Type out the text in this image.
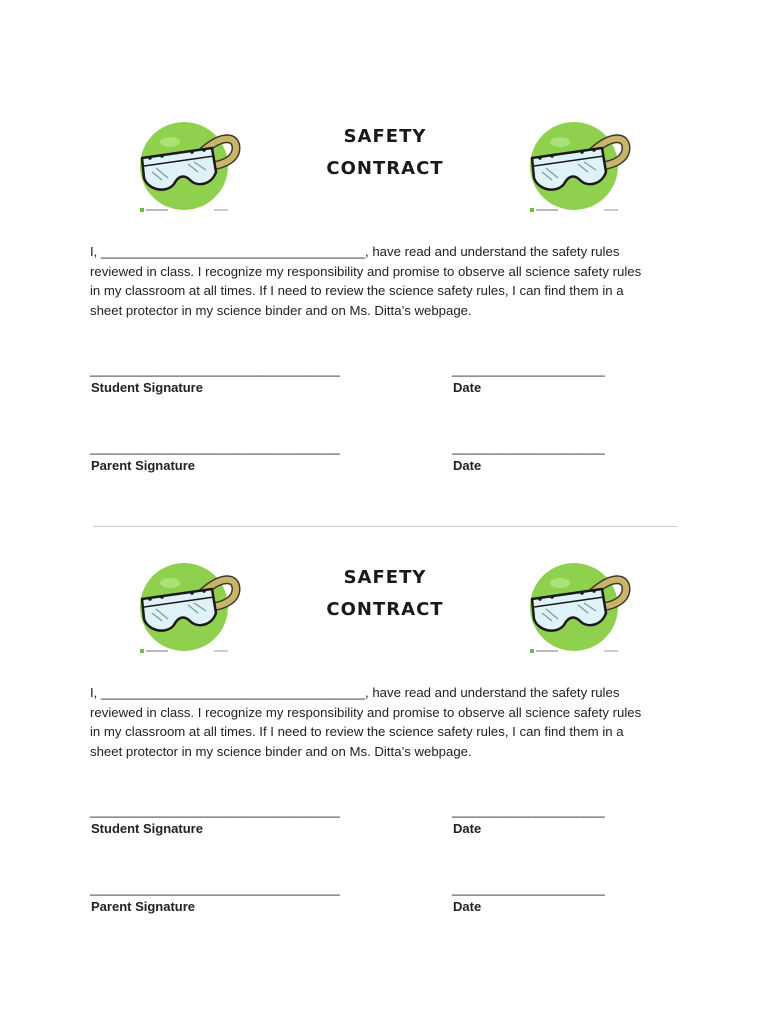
safety
contract

I, ____________________________________, have read and understand the safety rules

reviewed in class. I recognize my responsibility and promise to observe all science safety rules

in my classroom at all times. If I need to review the science safety rules, I can find them in a

sheet protector in my science binder and on Ms. Ditta’s webpage.

____________________________________
Student Signature
______________________
Date
____________________________________
Parent Signature
______________________
Date
safety
contract

I, ____________________________________, have read and understand the safety rules

reviewed in class. I recognize my responsibility and promise to observe all science safety rules

in my classroom at all times. If I need to review the science safety rules, I can find them in a

sheet protector in my science binder and on Ms. Ditta’s webpage.

____________________________________
Student Signature
______________________
Date
____________________________________
Parent Signature
______________________
Date
